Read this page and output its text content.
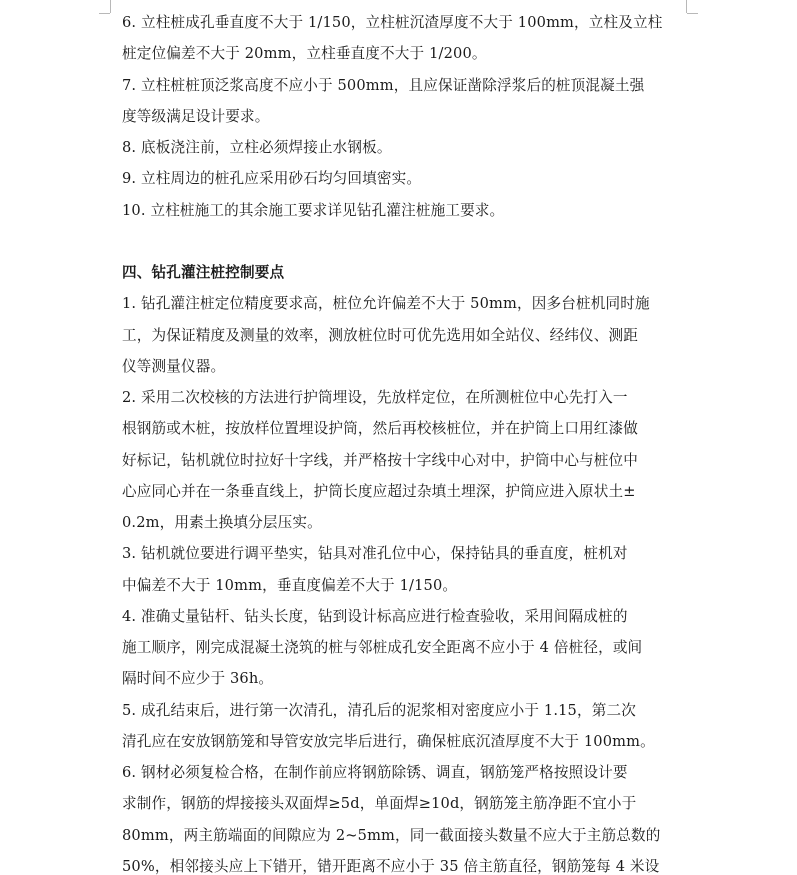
6. 立柱桩成孔垂直度不大于 1/150，立柱桩沉渣厚度不大于 100mm，立柱及立柱
桩定位偏差不大于 20mm，立柱垂直度不大于 1/200。
7. 立柱桩桩顶泛浆高度不应小于 500mm，且应保证凿除浮浆后的桩顶混凝土强
度等级满足设计要求。
8. 底板浇注前，立柱必须焊接止水钢板。
9. 立柱周边的桩孔应采用砂石均匀回填密实。
10. 立柱桩施工的其余施工要求详见钻孔灌注桩施工要求。
四、钻孔灌注桩控制要点
1. 钻孔灌注桩定位精度要求高，桩位允许偏差不大于 50mm，因多台桩机同时施
工，为保证精度及测量的效率，测放桩位时可优先选用如全站仪、经纬仪、测距
仪等测量仪器。
2. 采用二次校核的方法进行护筒埋设，先放样定位，在所测桩位中心先打入一
根钢筋或木桩，按放样位置埋设护筒，然后再校核桩位，并在护筒上口用红漆做
好标记，钻机就位时拉好十字线，并严格按十字线中心对中，护筒中心与桩位中
心应同心并在一条垂直线上，护筒长度应超过杂填土埋深，护筒应进入原状土±
0.2m，用素土换填分层压实。
3. 钻机就位要进行调平垫实，钻具对准孔位中心，保持钻具的垂直度，桩机对
中偏差不大于 10mm，垂直度偏差不大于 1/150。
4. 准确丈量钻杆、钻头长度，钻到设计标高应进行检查验收，采用间隔成桩的
施工顺序，刚完成混凝土浇筑的桩与邻桩成孔安全距离不应小于 4 倍桩径，或间
隔时间不应少于 36h。
5. 成孔结束后，进行第一次清孔，清孔后的泥浆相对密度应小于 1.15，第二次
清孔应在安放钢筋笼和导管安放完毕后进行，确保桩底沉渣厚度不大于 100mm。
6. 钢材必须复检合格，在制作前应将钢筋除锈、调直，钢筋笼严格按照设计要
求制作，钢筋的焊接接头双面焊≥5d，单面焊≥10d，钢筋笼主筋净距不宜小于
80mm，两主筋端面的间隙应为 2~5mm，同一截面接头数量不应大于主筋总数的
50%，相邻接头应上下错开，错开距离不应小于 35 倍主筋直径，钢筋笼每 4 米设
